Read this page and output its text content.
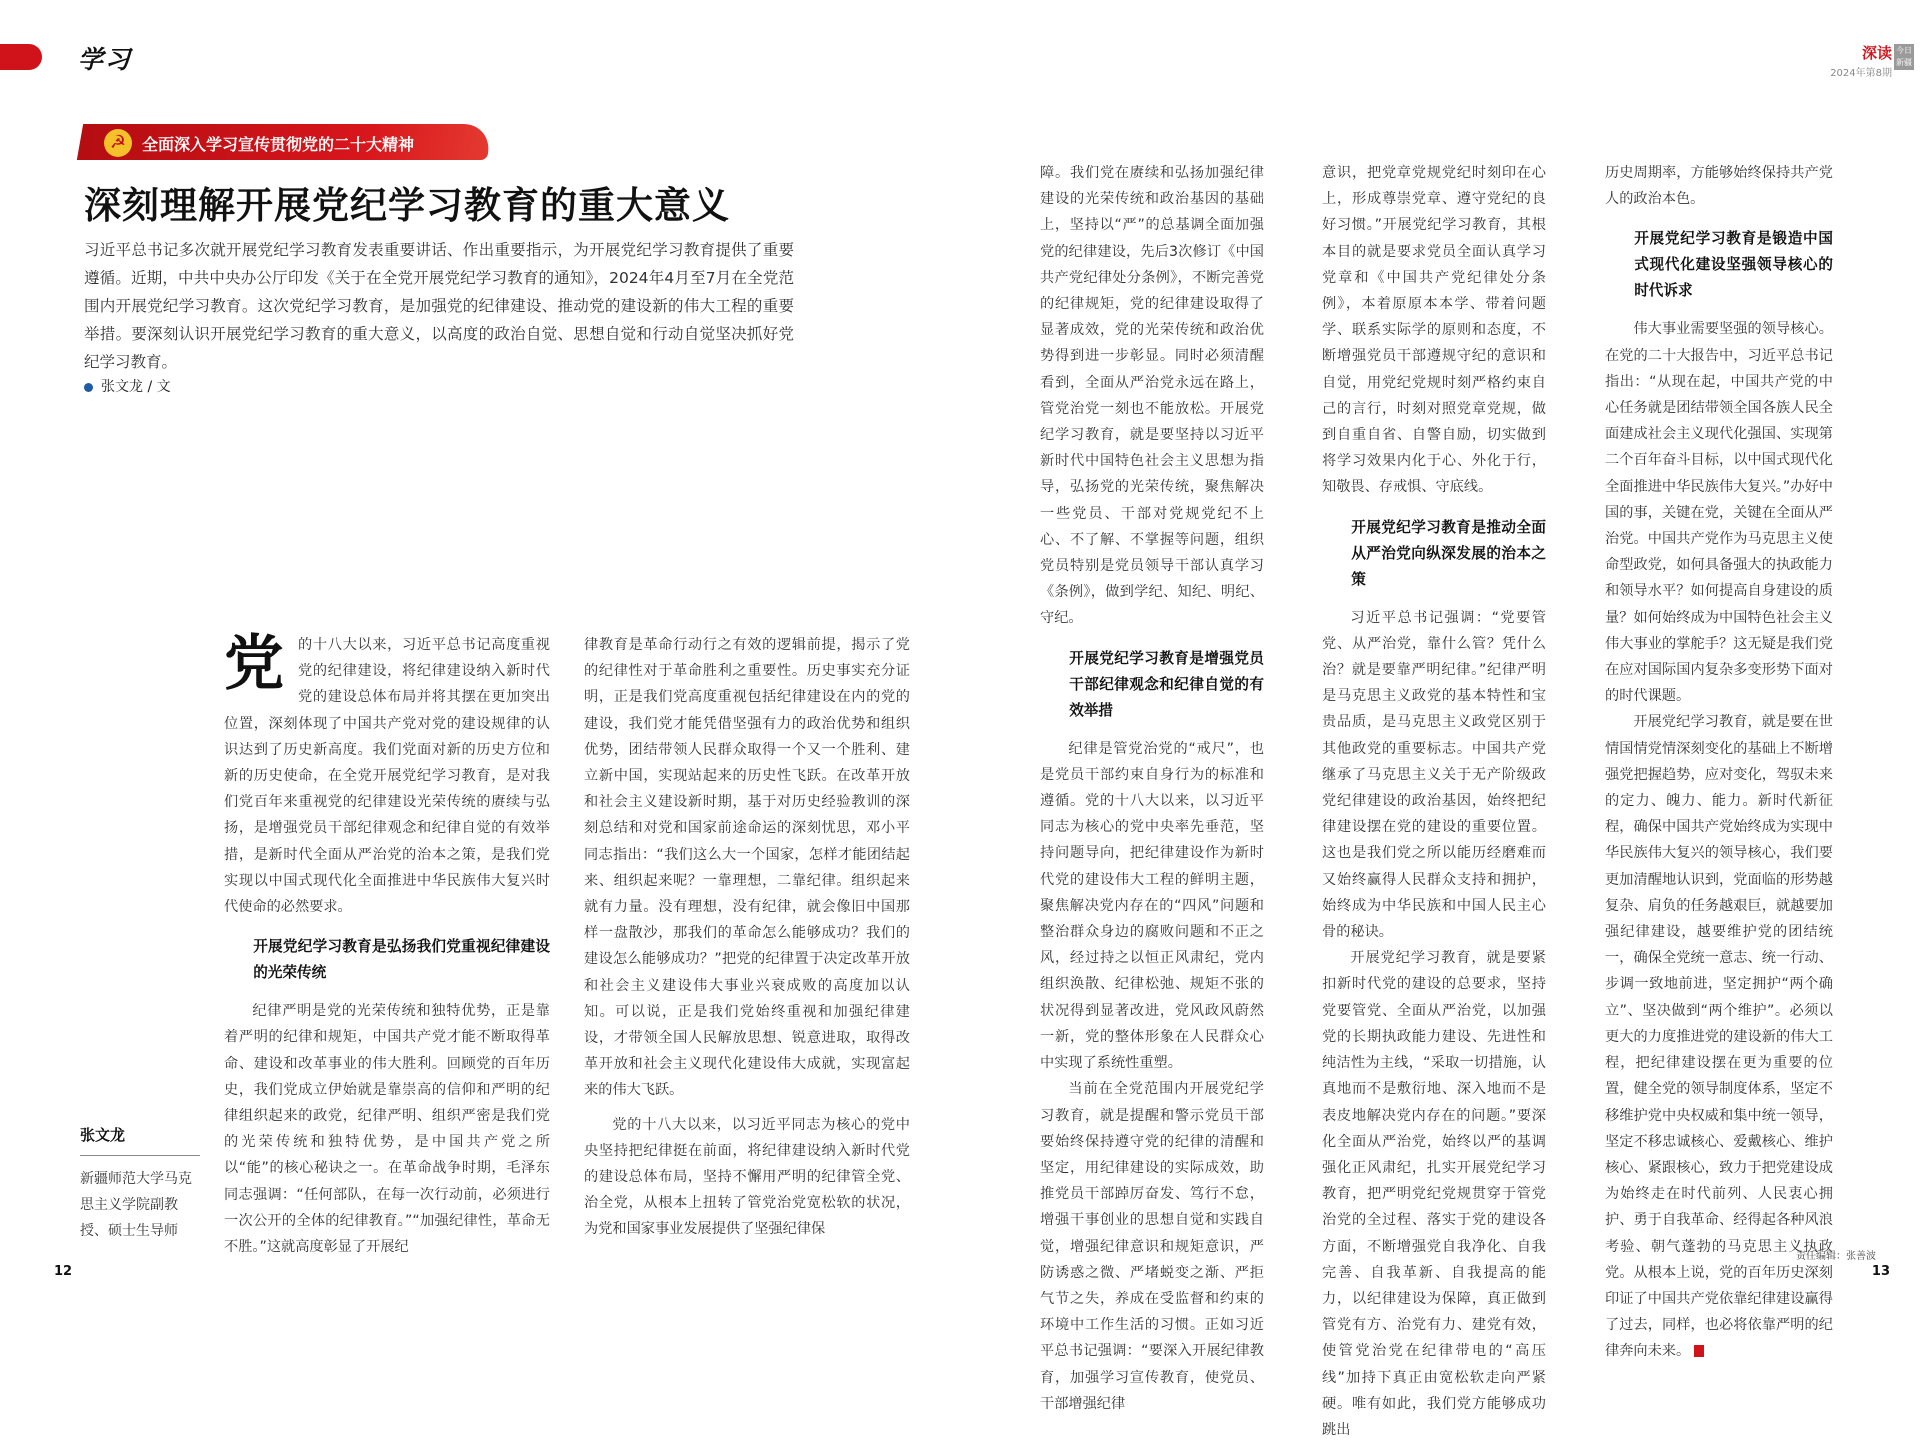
学习
☭ 全面深入学习宣传贯彻党的二十大精神
深刻理解开展党纪学习教育的重大意义

习近平总书记多次就开展党纪学习教育发表重要讲话、作出重要指示，为开展党纪学习教育提供了重要遵循。近期，中共中央办公厅印发《关于在全党开展党纪学习教育的通知》，2024年4月至7月在全党范围内开展党纪学习教育。这次党纪学习教育，是加强党的纪律建设、推动党的建设新的伟大工程的重要举措。要深刻认识开展党纪学习教育的重大意义，以高度的政治自觉、思想自觉和行动自觉坚决抓好党纪学习教育。

张文龙 / 文
张文龙
新疆师范大学马克思主义学院副教授、硕士生导师

党的十八大以来，习近平总书记高度重视党的纪律建设，将纪律建设纳入新时代党的建设总体布局并将其摆在更加突出位置，深刻体现了中国共产党对党的建设规律的认识达到了历史新高度。我们党面对新的历史方位和新的历史使命，在全党开展党纪学习教育，是对我们党百年来重视党的纪律建设光荣传统的赓续与弘扬，是增强党员干部纪律观念和纪律自觉的有效举措，是新时代全面从严治党的治本之策，是我们党实现以中国式现代化全面推进中华民族伟大复兴时代使命的必然要求。

开展党纪学习教育是弘扬我们党重视纪律建设的光荣传统

纪律严明是党的光荣传统和独特优势，正是靠着严明的纪律和规矩，中国共产党才能不断取得革命、建设和改革事业的伟大胜利。回顾党的百年历史，我们党成立伊始就是靠崇高的信仰和严明的纪律组织起来的政党，纪律严明、组织严密是我们党的光荣传统和独特优势，是中国共产党之所以“能”的核心秘诀之一。在革命战争时期，毛泽东同志强调：“任何部队，在每一次行动前，必须进行一次公开的全体的纪律教育。”“加强纪律性，革命无不胜。”这就高度彰显了开展纪

律教育是革命行动行之有效的逻辑前提，揭示了党的纪律性对于革命胜利之重要性。历史事实充分证明，正是我们党高度重视包括纪律建设在内的党的建设，我们党才能凭借坚强有力的政治优势和组织优势，团结带领人民群众取得一个又一个胜利、建立新中国，实现站起来的历史性飞跃。在改革开放和社会主义建设新时期，基于对历史经验教训的深刻总结和对党和国家前途命运的深刻忧思，邓小平同志指出：“我们这么大一个国家，怎样才能团结起来、组织起来呢？一靠理想，二靠纪律。组织起来就有力量。没有理想，没有纪律，就会像旧中国那样一盘散沙，那我们的革命怎么能够成功？我们的建设怎么能够成功？”把党的纪律置于决定改革开放和社会主义建设伟大事业兴衰成败的高度加以认知。可以说，正是我们党始终重视和加强纪律建设，才带领全国人民解放思想、锐意进取，取得改革开放和社会主义现代化建设伟大成就，实现富起来的伟大飞跃。

党的十八大以来，以习近平同志为核心的党中央坚持把纪律挺在前面，将纪律建设纳入新时代党的建设总体布局，坚持不懈用严明的纪律管全党、治全党，从根本上扭转了管党治党宽松软的状况，为党和国家事业发展提供了坚强纪律保

12
深读
2024年第8期
今日新疆

障。我们党在赓续和弘扬加强纪律建设的光荣传统和政治基因的基础上，坚持以“严”的总基调全面加强党的纪律建设，先后3次修订《中国共产党纪律处分条例》，不断完善党的纪律规矩，党的纪律建设取得了显著成效，党的光荣传统和政治优势得到进一步彰显。同时必须清醒看到，全面从严治党永远在路上，管党治党一刻也不能放松。开展党纪学习教育，就是要坚持以习近平新时代中国特色社会主义思想为指导，弘扬党的光荣传统，聚焦解决一些党员、干部对党规党纪不上心、不了解、不掌握等问题，组织党员特别是党员领导干部认真学习《条例》，做到学纪、知纪、明纪、守纪。

开展党纪学习教育是增强党员干部纪律观念和纪律自觉的有效举措

纪律是管党治党的“戒尺”，也是党员干部约束自身行为的标准和遵循。党的十八大以来，以习近平同志为核心的党中央率先垂范，坚持问题导向，把纪律建设作为新时代党的建设伟大工程的鲜明主题，聚焦解决党内存在的“四风”问题和整治群众身边的腐败问题和不正之风，经过持之以恒正风肃纪，党内组织涣散、纪律松弛、规矩不张的状况得到显著改进，党风政风蔚然一新，党的整体形象在人民群众心中实现了系统性重塑。

当前在全党范围内开展党纪学习教育，就是提醒和警示党员干部要始终保持遵守党的纪律的清醒和坚定，用纪律建设的实际成效，助推党员干部踔厉奋发、笃行不怠，增强干事创业的思想自觉和实践自觉，增强纪律意识和规矩意识，严防诱惑之微、严堵蜕变之渐、严拒气节之失，养成在受监督和约束的环境中工作生活的习惯。正如习近平总书记强调：“要深入开展纪律教育，加强学习宣传教育，使党员、干部增强纪律

意识，把党章党规党纪时刻印在心上，形成尊崇党章、遵守党纪的良好习惯。”开展党纪学习教育，其根本目的就是要求党员全面认真学习党章和《中国共产党纪律处分条例》，本着原原本本学、带着问题学、联系实际学的原则和态度，不断增强党员干部遵规守纪的意识和自觉，用党纪党规时刻严格约束自己的言行，时刻对照党章党规，做到自重自省、自警自励，切实做到将学习效果内化于心、外化于行，知敬畏、存戒惧、守底线。

开展党纪学习教育是推动全面从严治党向纵深发展的治本之策

习近平总书记强调：“党要管党、从严治党，靠什么管？凭什么治？就是要靠严明纪律。”纪律严明是马克思主义政党的基本特性和宝贵品质，是马克思主义政党区别于其他政党的重要标志。中国共产党继承了马克思主义关于无产阶级政党纪律建设的政治基因，始终把纪律建设摆在党的建设的重要位置。这也是我们党之所以能历经磨难而又始终赢得人民群众支持和拥护，始终成为中华民族和中国人民主心骨的秘诀。

开展党纪学习教育，就是要紧扣新时代党的建设的总要求，坚持党要管党、全面从严治党，以加强党的长期执政能力建设、先进性和纯洁性为主线，“采取一切措施，认真地而不是敷衍地、深入地而不是表皮地解决党内存在的问题。”要深化全面从严治党，始终以严的基调强化正风肃纪，扎实开展党纪学习教育，把严明党纪党规贯穿于管党治党的全过程、落实于党的建设各方面，不断增强党自我净化、自我完善、自我革新、自我提高的能力，以纪律建设为保障，真正做到管党有方、治党有力、建党有效，使管党治党在纪律带电的“高压线”加持下真正由宽松软走向严紧硬。唯有如此，我们党方能够成功跳出

历史周期率，方能够始终保持共产党人的政治本色。

开展党纪学习教育是锻造中国式现代化建设坚强领导核心的时代诉求

伟大事业需要坚强的领导核心。在党的二十大报告中，习近平总书记指出：“从现在起，中国共产党的中心任务就是团结带领全国各族人民全面建成社会主义现代化强国、实现第二个百年奋斗目标，以中国式现代化全面推进中华民族伟大复兴。”办好中国的事，关键在党，关键在全面从严治党。中国共产党作为马克思主义使命型政党，如何具备强大的执政能力和领导水平？如何提高自身建设的质量？如何始终成为中国特色社会主义伟大事业的掌舵手？这无疑是我们党在应对国际国内复杂多变形势下面对的时代课题。

开展党纪学习教育，就是要在世情国情党情深刻变化的基础上不断增强党把握趋势，应对变化，驾驭未来的定力、魄力、能力。新时代新征程，确保中国共产党始终成为实现中华民族伟大复兴的领导核心，我们要更加清醒地认识到，党面临的形势越复杂、肩负的任务越艰巨，就越要加强纪律建设，越要维护党的团结统一，确保全党统一意志、统一行动、步调一致地前进，坚定拥护“两个确立”、坚决做到“两个维护”。必须以更大的力度推进党的建设新的伟大工程，把纪律建设摆在更为重要的位置，健全党的领导制度体系，坚定不移维护党中央权威和集中统一领导，坚定不移忠诚核心、爱戴核心、维护核心、紧跟核心，致力于把党建设成为始终走在时代前列、人民衷心拥护、勇于自我革命、经得起各种风浪考验、朝气蓬勃的马克思主义执政党。从根本上说，党的百年历史深刻印证了中国共产党依靠纪律建设赢得了过去，同样，也必将依靠严明的纪律奔向未来。

责任编辑：张善波
13
